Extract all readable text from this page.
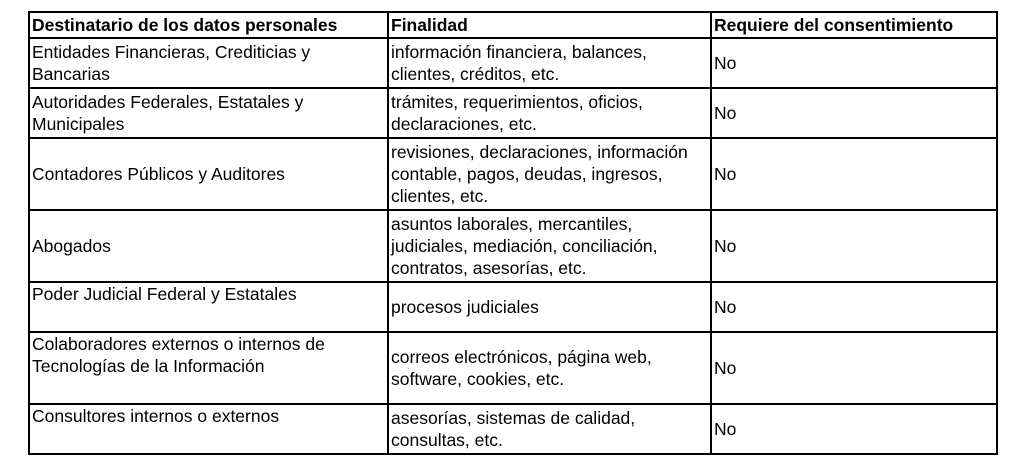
Destinatario de los datos personales	Finalidad	Requiere del consentimiento
Entidades Financieras, Crediticias y Bancarias	información financiera, balances, clientes, créditos, etc.	No
Autoridades Federales, Estatales y Municipales	trámites, requerimientos, oficios, declaraciones, etc.	No
Contadores Públicos y Auditores	revisiones, declaraciones, información contable, pagos, deudas, ingresos, clientes, etc.	No
Abogados	asuntos laborales, mercantiles, judiciales, mediación, conciliación, contratos, asesorías, etc.	No
Poder Judicial Federal y Estatales	procesos judiciales	No
Colaboradores externos o internos de Tecnologías de la Información	correos electrónicos, página web, software, cookies, etc.	No
Consultores internos o externos	asesorías, sistemas de calidad, consultas, etc.	No
